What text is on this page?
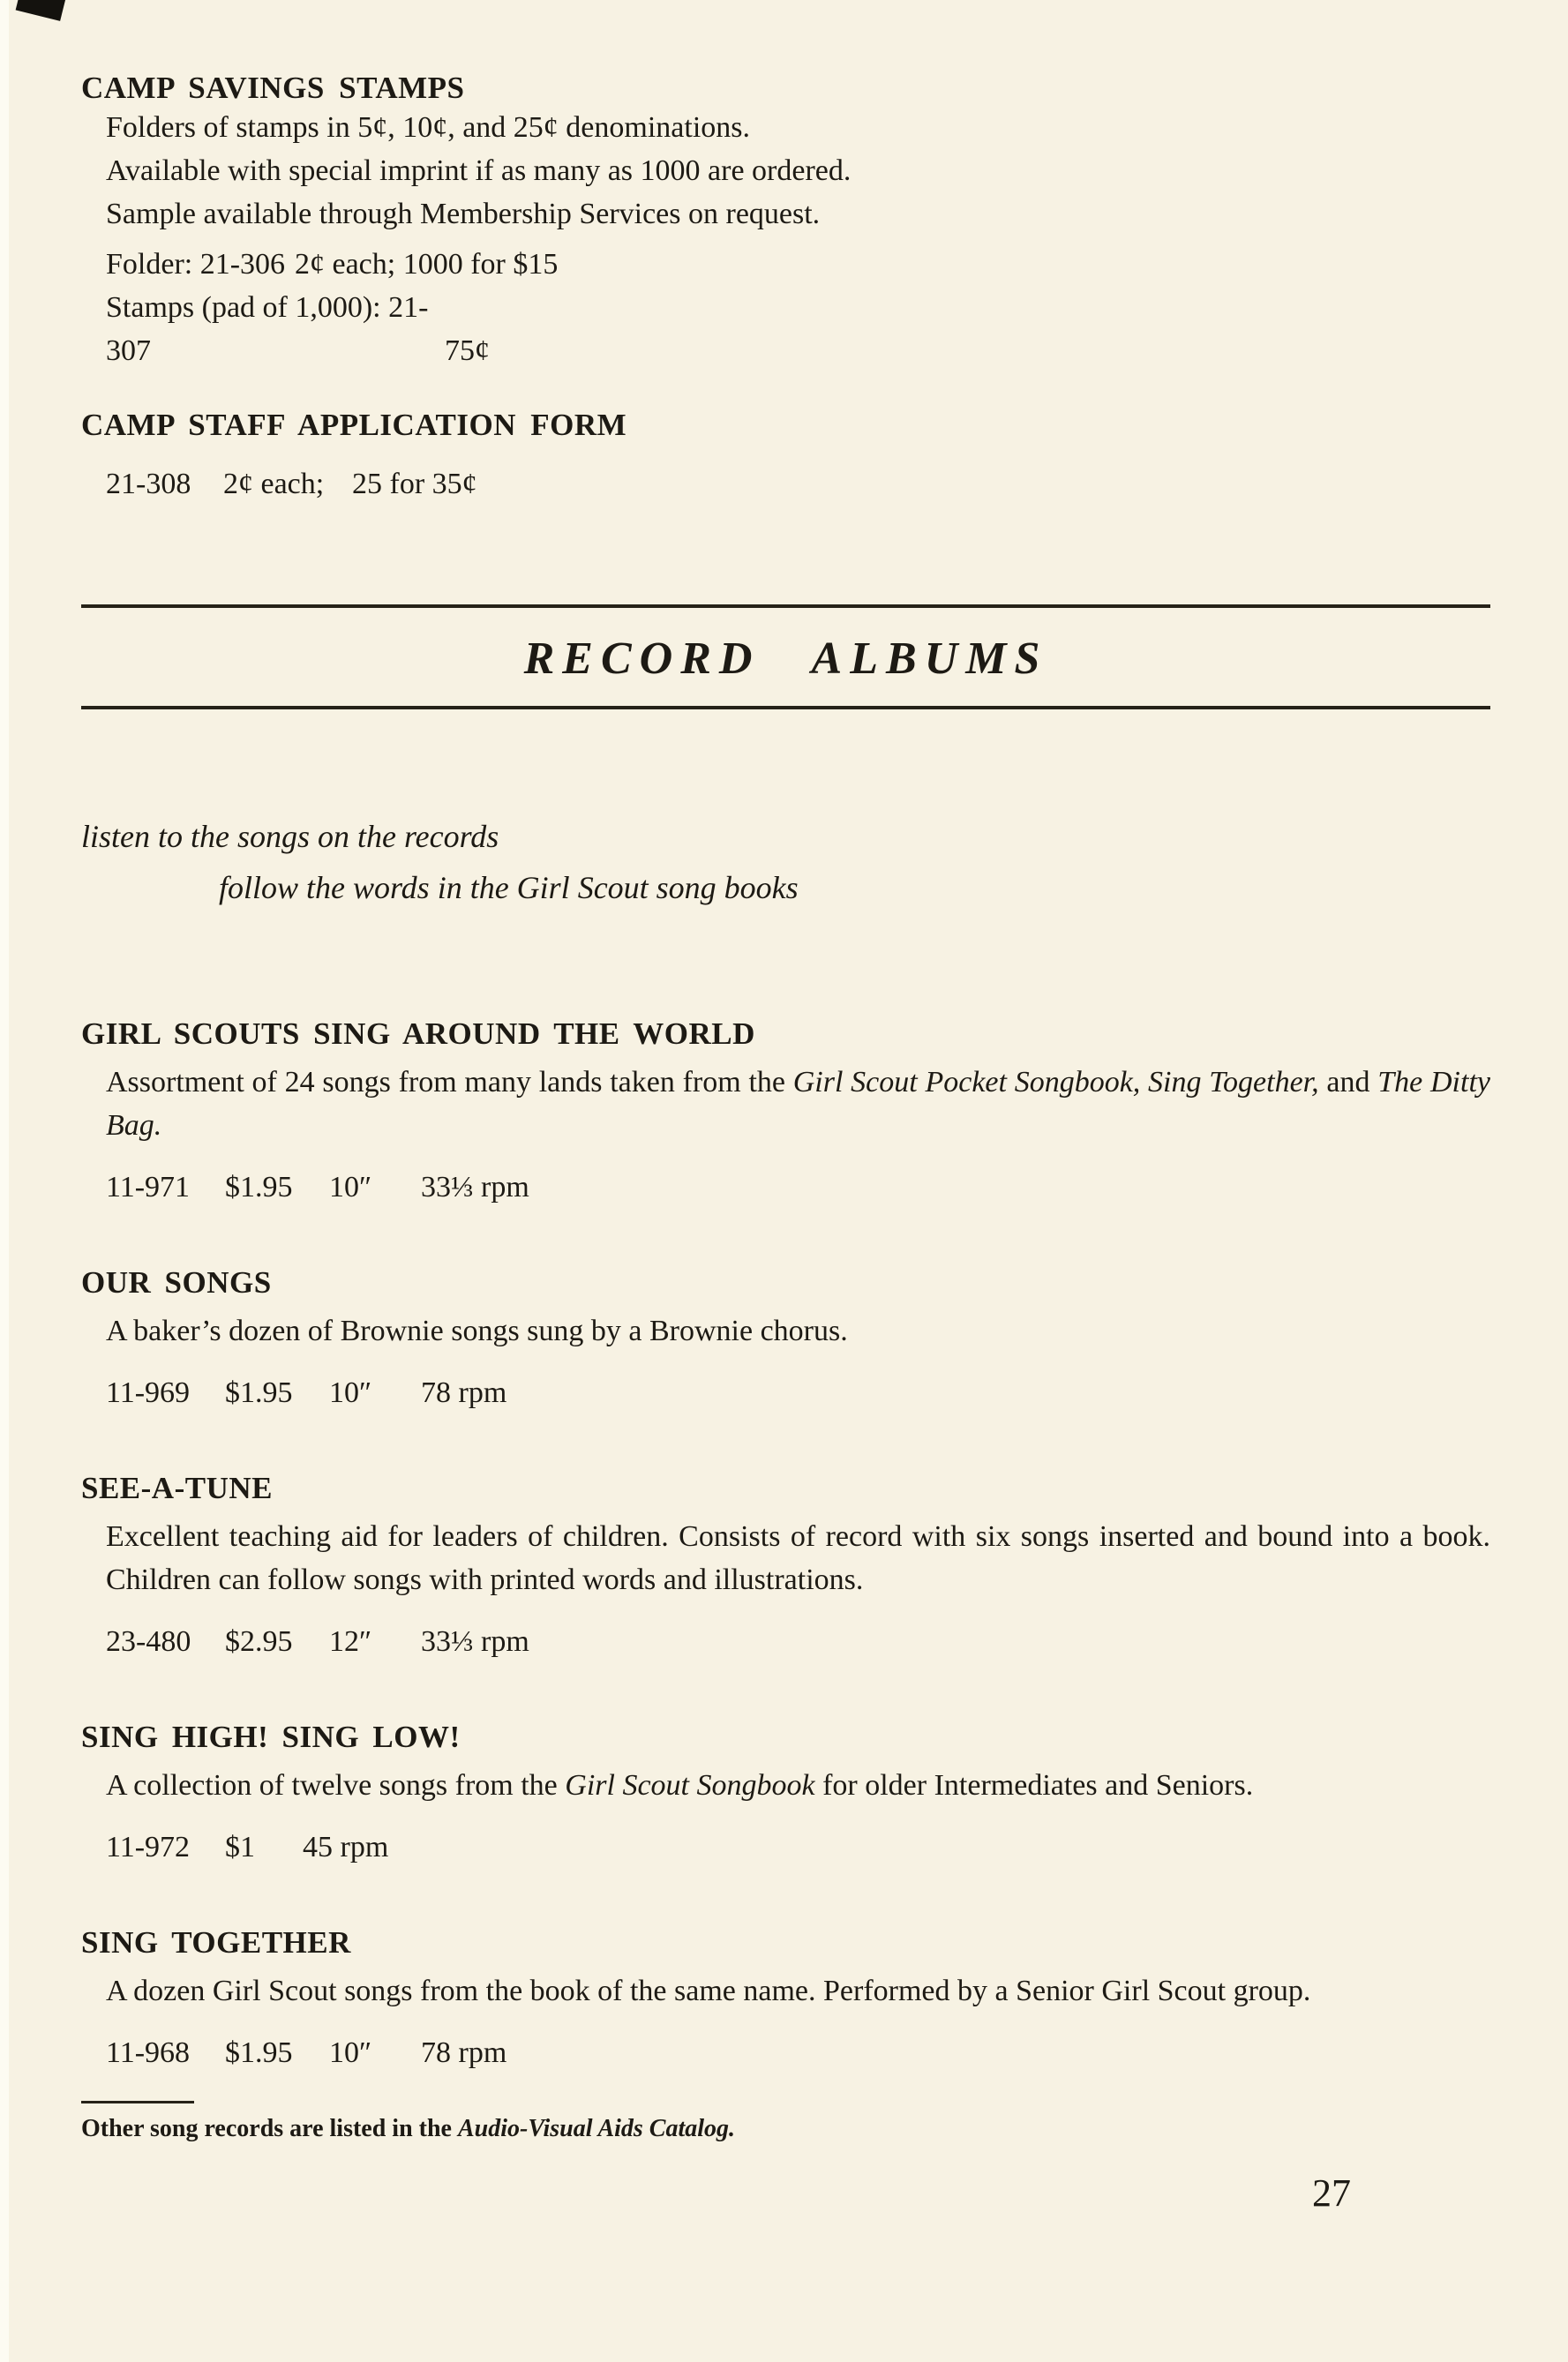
CAMP SAVINGS STAMPS

Folders of stamps in 5¢, 10¢, and 25¢ denominations.

Available with special imprint if as many as 1000 are ordered.

Sample available through Membership Services on request.

Folder: 21-306 2¢ each; 1000 for $15

Stamps (pad of 1,000): 21-307	75¢

CAMP STAFF APPLICATION FORM

21-308 2¢ each; 25 for 35¢

RECORD ALBUMS

listen to the songs on the records

follow the words in the Girl Scout song books

GIRL SCOUTS SING AROUND THE WORLD

Assortment of 24 songs from many lands taken from the Girl Scout Pocket Songbook, Sing Together, and The Ditty Bag.

11-971 $1.95 10″ 33⅓ rpm

OUR SONGS

A baker’s dozen of Brownie songs sung by a Brownie chorus.

11-969 $1.95 10″ 78 rpm

SEE-A-TUNE

Excellent teaching aid for leaders of children. Consists of record with six songs inserted and bound into a book. Children can follow songs with printed words and illustrations.

23-480 $2.95 12″ 33⅓ rpm

SING HIGH! SING LOW!

A collection of twelve songs from the Girl Scout Songbook for older Intermediates and Seniors.

11-972 $1 45 rpm

SING TOGETHER

A dozen Girl Scout songs from the book of the same name. Performed by a Senior Girl Scout group.

11-968 $1.95 10″ 78 rpm

Other song records are listed in the Audio-Visual Aids Catalog.

27
